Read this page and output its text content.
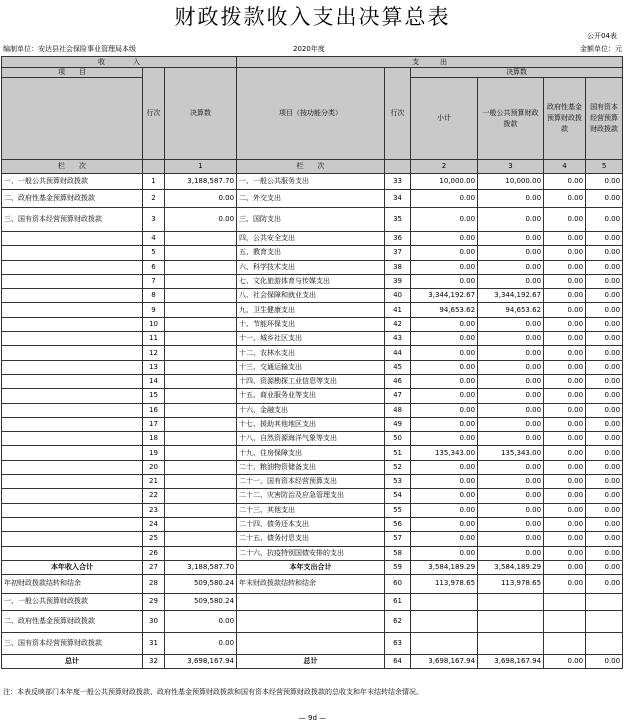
财政拨款收入支出决算总表
公开04表
编制单位：安达县社会保险事业管理局本级	2020年度	金额单位：元
收　　　　入			支　　　出					
项　　目	行次	决算数	项目（按功能分类）	行次	决算数			
					小计	一般公共预算财政拨款	政府性基金预算财政拨款	国有资本经营预算财政拨款

栏　　次		1	栏　　次		2	3	4	5
一、一般公共预算财政拨款	1	3,188,587.70	一、一般公共服务支出	33	10,000.00	10,000.00	0.00	0.00
二、政府性基金预算财政拨款	2	0.00	二、外交支出	34	0.00	0.00	0.00	0.00
三、国有资本经营预算财政拨款	3	0.00	三、国防支出	35	0.00	0.00	0.00	0.00
	4		四、公共安全支出	36	0.00	0.00	0.00	0.00
	5		五、教育支出	37	0.00	0.00	0.00	0.00
	6		六、科学技术支出	38	0.00	0.00	0.00	0.00
	7		七、文化旅游体育与传媒支出	39	0.00	0.00	0.00	0.00
	8		八、社会保障和就业支出	40	3,344,192.67	3,344,192.67	0.00	0.00
	9		九、卫生健康支出	41	94,653.62	94,653.62	0.00	0.00
	10		十、节能环保支出	42	0.00	0.00	0.00	0.00
	11		十一、城乡社区支出	43	0.00	0.00	0.00	0.00
	12		十二、农林水支出	44	0.00	0.00	0.00	0.00
	13		十三、交通运输支出	45	0.00	0.00	0.00	0.00
	14		十四、资源勘探工业信息等支出	46	0.00	0.00	0.00	0.00
	15		十五、商业服务业等支出	47	0.00	0.00	0.00	0.00
	16		十六、金融支出	48	0.00	0.00	0.00	0.00
	17		十七、援助其他地区支出	49	0.00	0.00	0.00	0.00
	18		十八、自然资源海洋气象等支出	50	0.00	0.00	0.00	0.00
	19		十九、住房保障支出	51	135,343.00	135,343.00	0.00	0.00
	20		二十、粮油物资储备支出	52	0.00	0.00	0.00	0.00
	21		二十一、国有资本经营预算支出	53	0.00	0.00	0.00	0.00
	22		二十二、灾害防治及应急管理支出	54	0.00	0.00	0.00	0.00
	23		二十三、其他支出	55	0.00	0.00	0.00	0.00
	24		二十四、债务还本支出	56	0.00	0.00	0.00	0.00
	25		二十五、债务付息支出	57	0.00	0.00	0.00	0.00
	26		二十六、抗疫特别国债安排的支出	58	0.00	0.00	0.00	0.00
本年收入合计	27	3,188,587.70	本年支出合计	59	3,584,189.29	3,584,189.29	0.00	0.00
年初财政拨款结转和结余	28	509,580.24	年末财政拨款结转和结余	60	113,978.65	113,978.65	0.00	0.00
一、一般公共预算财政拨款	29	509,580.24		61				
二、政府性基金预算财政拨款	30	0.00		62				
三、国有资本经营预算财政拨款	31	0.00		63				
总计	32	3,698,167.94	总计	64	3,698,167.94	3,698,167.94	0.00	0.00
注：本表反映部门本年度一般公共预算财政拨款、政府性基金预算财政拨款和国有资本经营预算财政拨款的总收支和年末结转结余情况。
— 9d —
